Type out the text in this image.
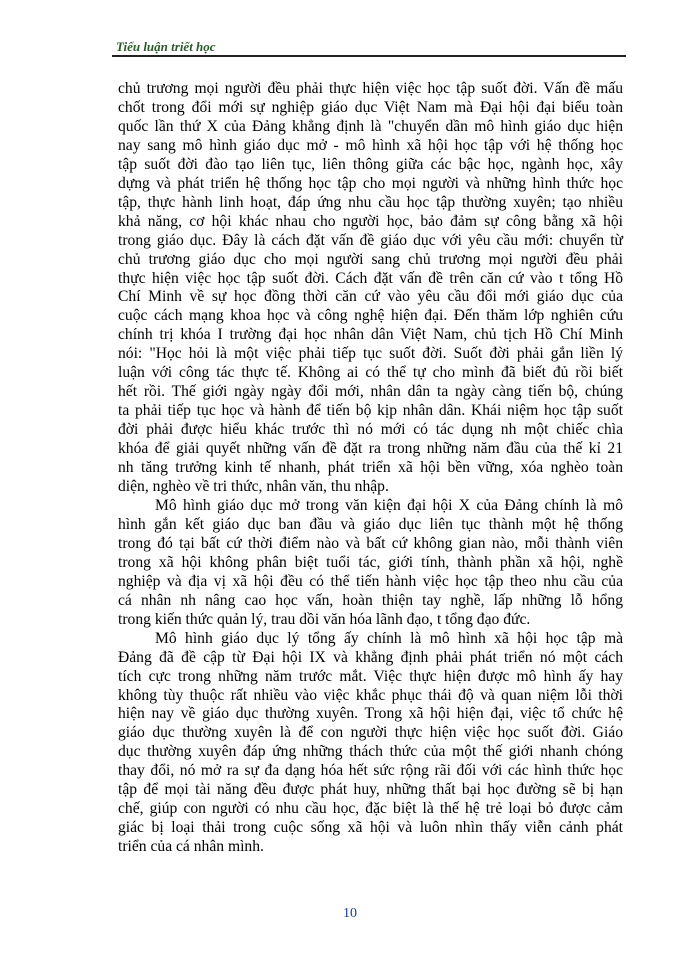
Tiểu luận triết học
chủ trương mọi người đều phải thực hiện việc học tập suốt đời. Vấn đề mấu
chốt trong đổi mới sự nghiệp giáo dục Việt Nam mà Đại hội đại biểu toàn
quốc lần thứ X của Đảng khẳng định là "chuyển dần mô hình giáo dục hiện
nay sang mô hình giáo dục mở - mô hình xã hội học tập với hệ thống học
tập suốt đời đào tạo liên tục, liên thông giữa các bậc học, ngành học, xây
dựng và phát triển hệ thống học tập cho mọi người và những hình thức học
tập, thực hành linh hoạt, đáp ứng nhu cầu học tập thường xuyên; tạo nhiều
khả năng, cơ hội khác nhau cho người học, bảo đảm sự công bằng xã hội
trong giáo dục. Đây là cách đặt vấn đề giáo dục với yêu cầu mới: chuyển từ
chủ trương giáo dục cho mọi người sang chủ trương mọi người đều phải
thực hiện việc học tập suốt đời. Cách đặt vấn đề trên căn cứ vào t tổng Hồ
Chí Minh về sự học đồng thời căn cứ vào yêu cầu đổi mới giáo dục của
cuộc cách mạng khoa học và công nghệ hiện đại. Đến thăm lớp nghiên cứu
chính trị khóa I trường đại học nhân dân Việt Nam, chủ tịch Hồ Chí Minh
nói: "Học hỏi là một việc phải tiếp tục suốt đời. Suốt đời phải gắn liền lý
luận với công tác thực tế. Không ai có thể tự cho mình đã biết đủ rồi biết
hết rồi. Thế giới ngày ngày đổi mới, nhân dân ta ngày càng tiến bộ, chúng
ta phải tiếp tục học và hành để tiến bộ kịp nhân dân. Khái niệm học tập suốt
đời phải được hiểu khác trước thì nó mới có tác dụng nh một chiếc chìa
khóa để giải quyết những vấn đề đặt ra trong những năm đầu của thế kỉ 21
nh tăng trưởng kinh tế nhanh, phát triển xã hội bền vững, xóa nghèo toàn
diện, nghèo về tri thức, nhân văn, thu nhập.
Mô hình giáo dục mở trong văn kiện đại hội X của Đảng chính là mô
hình gắn kết giáo dục ban đầu và giáo dục liên tục thành một hệ thống
trong đó tại bất cứ thời điểm nào và bất cứ không gian nào, mỗi thành viên
trong xã hội không phân biệt tuổi tác, giới tính, thành phần xã hội, nghề
nghiệp và địa vị xã hội đều có thể tiến hành việc học tập theo nhu cầu của
cá nhân nh nâng cao học vấn, hoàn thiện tay nghề, lấp những lỗ hổng
trong kiến thức quản lý, trau dồi văn hóa lãnh đạo, t tổng đạo đức.
Mô hình giáo dục lý tổng ấy chính là mô hình xã hội học tập mà
Đảng đã đề cập từ Đại hội IX và khẳng định phải phát triển nó một cách
tích cực trong những năm trước mắt. Việc thực hiện được mô hình ấy hay
không tùy thuộc rất nhiều vào việc khắc phục thái độ và quan niệm lỗi thời
hiện nay về giáo dục thường xuyên. Trong xã hội hiện đại, việc tổ chức hệ
giáo dục thường xuyên là để con người thực hiện việc học suốt đời. Giáo
dục thường xuyên đáp ứng những thách thức của một thế giới nhanh chóng
thay đổi, nó mở ra sự đa dạng hóa hết sức rộng rãi đối với các hình thức học
tập để mọi tài năng đều được phát huy, những thất bại học đường sẽ bị hạn
chế, giúp con người có nhu cầu học, đặc biệt là thế hệ trẻ loại bỏ được cảm
giác bị loại thải trong cuộc sống xã hội và luôn nhìn thấy viễn cảnh phát
triển của cá nhân mình.
10
